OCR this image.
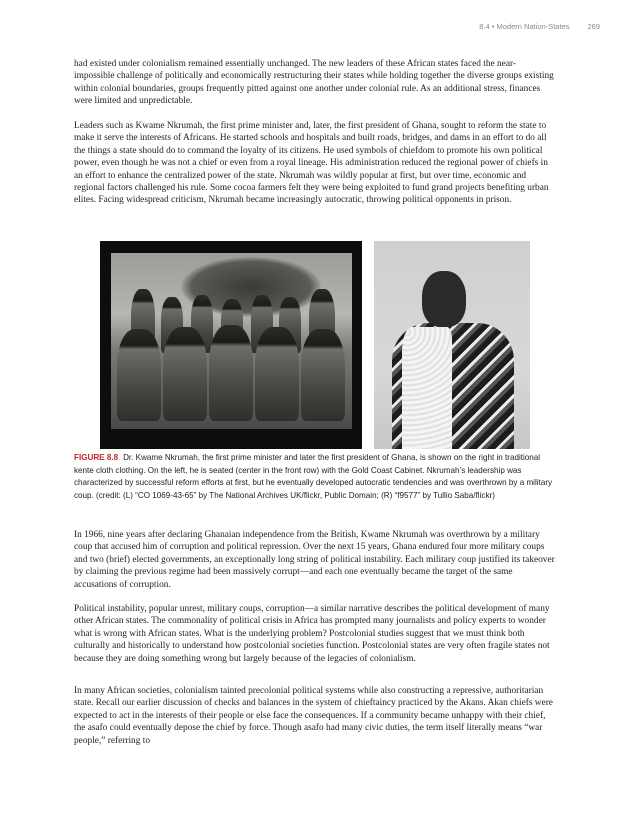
8.4 • Modern Nation-States 269

had existed under colonialism remained essentially unchanged. The new leaders of these African states faced the near-impossible challenge of politically and economically restructuring their states while holding together the diverse groups existing within colonial boundaries, groups frequently pitted against one another under colonial rule. As an additional stress, finances were limited and unpredictable.

Leaders such as Kwame Nkrumah, the first prime minister and, later, the first president of Ghana, sought to reform the state to make it serve the interests of Africans. He started schools and hospitals and built roads, bridges, and dams in an effort to do all the things a state should do to command the loyalty of its citizens. He used symbols of chiefdom to promote his own political power, even though he was not a chief or even from a royal lineage. His administration reduced the regional power of chiefs in an effort to enhance the centralized power of the state. Nkrumah was wildly popular at first, but over time, economic and regional factors challenged his rule. Some cocoa farmers felt they were being exploited to fund grand projects benefiting urban elites. Facing widespread criticism, Nkrumah became increasingly autocratic, throwing political opponents in prison.

FIGURE 8.8 Dr. Kwame Nkrumah, the first prime minister and later the first president of Ghana, is shown on the right in traditional kente cloth clothing. On the left, he is seated (center in the front row) with the Gold Coast Cabinet. Nkrumah’s leadership was characterized by successful reform efforts at first, but he eventually developed autocratic tendencies and was overthrown by a military coup. (credit: (L) “CO 1069-43-65” by The National Archives UK/flickr, Public Domain; (R) “f9577” by Tullio Saba/flickr)

In 1966, nine years after declaring Ghanaian independence from the British, Kwame Nkrumah was overthrown by a military coup that accused him of corruption and political repression. Over the next 15 years, Ghana endured four more military coups and two (brief) elected governments, an exceptionally long string of political instability. Each military coup justified its takeover by claiming the previous regime had been massively corrupt—and each one eventually became the target of the same accusations of corruption.

Political instability, popular unrest, military coups, corruption—a similar narrative describes the political development of many other African states. The commonality of political crisis in Africa has prompted many journalists and policy experts to wonder what is wrong with African states. What is the underlying problem? Postcolonial studies suggest that we must think both culturally and historically to understand how postcolonial societies function. Postcolonial states are very often fragile states not because they are doing something wrong but largely because of the legacies of colonialism.

In many African societies, colonialism tainted precolonial political systems while also constructing a repressive, authoritarian state. Recall our earlier discussion of checks and balances in the system of chieftaincy practiced by the Akans. Akan chiefs were expected to act in the interests of their people or else face the consequences. If a community became unhappy with their chief, the asafo could eventually depose the chief by force. Though asafo had many civic duties, the term itself literally means “war people,” referring to
